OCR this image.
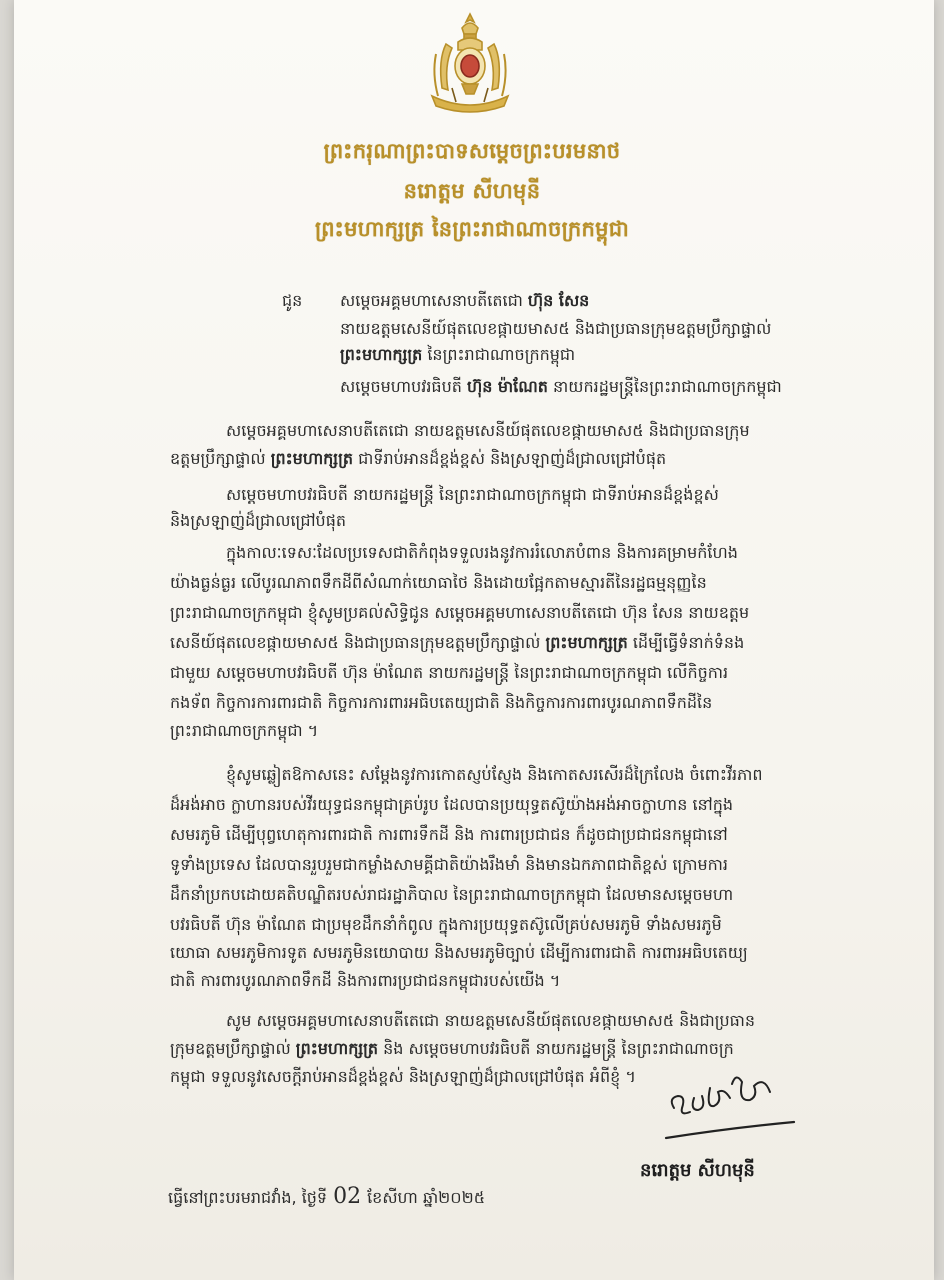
ព្រះករុណាព្រះបាទសម្ដេចព្រះបរមនាថ
នរោត្តម សីហមុនី
ព្រះមហាក្សត្រ នៃព្រះរាជាណាចក្រកម្ពុជា
ជូន សម្ដេចអគ្គមហាសេនាបតីតេជោ ហ៊ុន សែន
នាយឧត្តមសេនីយ៍ផុតលេខផ្កាយមាស៥ និងជាប្រធានក្រុមឧត្តមប្រឹក្សាផ្ទាល់
ព្រះមហាក្សត្រ នៃព្រះរាជាណាចក្រកម្ពុជា
សម្ដេចមហាបវរធិបតី ហ៊ុន ម៉ាណែត នាយករដ្ឋមន្ត្រីនៃព្រះរាជាណាចក្រកម្ពុជា
សម្ដេចអគ្គមហាសេនាបតីតេជោ នាយឧត្តមសេនីយ៍ផុតលេខផ្កាយមាស៥ និងជាប្រធានក្រុម
ឧត្តមប្រឹក្សាផ្ទាល់ ព្រះមហាក្សត្រ ជាទីរាប់អានដ៏ខ្ពង់ខ្ពស់ និងស្រឡាញ់ដ៏ជ្រាលជ្រៅបំផុត
សម្ដេចមហាបវរធិបតី នាយករដ្ឋមន្ត្រី នៃព្រះរាជាណាចក្រកម្ពុជា ជាទីរាប់អានដ៏ខ្ពង់ខ្ពស់
និងស្រឡាញ់ដ៏ជ្រាលជ្រៅបំផុត
ក្នុងកាលៈទេសៈដែលប្រទេសជាតិកំពុងទទួលរងនូវការរំលោភបំពាន និងការគម្រាមកំហែង
យ៉ាងធ្ងន់ធ្ងរ លើបូរណភាពទឹកដីពីសំណាក់យោធាថៃ និងដោយផ្អែកតាមស្មារតីនៃរដ្ឋធម្មនុញ្ញនៃ
ព្រះរាជាណាចក្រកម្ពុជា ខ្ញុំសូមប្រគល់សិទ្ធិជូន សម្ដេចអគ្គមហាសេនាបតីតេជោ ហ៊ុន សែន នាយឧត្តម
សេនីយ៍ផុតលេខផ្កាយមាស៥ និងជាប្រធានក្រុមឧត្តមប្រឹក្សាផ្ទាល់ ព្រះមហាក្សត្រ ដើម្បីធ្វើទំនាក់ទំនង
ជាមួយ សម្ដេចមហាបវរធិបតី ហ៊ុន ម៉ាណែត នាយករដ្ឋមន្ត្រី នៃព្រះរាជាណាចក្រកម្ពុជា លើកិច្ចការ
កងទ័ព កិច្ចការការពារជាតិ កិច្ចការការពារអធិបតេយ្យជាតិ និងកិច្ចការការពារបូរណភាពទឹកដីនៃ
ព្រះរាជាណាចក្រកម្ពុជា ។
ខ្ញុំសូមឆ្លៀតឱកាសនេះ សម្ដែងនូវការកោតស្ញប់ស្ញែង និងកោតសរសើរដ៏ក្រៃលែង ចំពោះវីរភាព
ដ៏អង់អាច ក្លាហានរបស់វីរយុទ្ធជនកម្ពុជាគ្រប់រូប ដែលបានប្រយុទ្ធតស៊ូយ៉ាងអង់អាចក្លាហាន នៅក្នុង
សមរភូមិ ដើម្បីបុព្វហេតុការពារជាតិ ការពារទឹកដី និង ការពារប្រជាជន ក៏ដូចជាប្រជាជនកម្ពុជានៅ
ទូទាំងប្រទេស ដែលបានរួបរួមជាកម្លាំងសាមគ្គីជាតិយ៉ាងរឹងមាំ និងមានឯកភាពជាតិខ្ពស់ ក្រោមការ
ដឹកនាំប្រកបដោយគតិបណ្ឌិតរបស់រាជរដ្ឋាភិបាល នៃព្រះរាជាណាចក្រកម្ពុជា ដែលមានសម្ដេចមហា
បវរធិបតី ហ៊ុន ម៉ាណែត ជាប្រមុខដឹកនាំកំពូល ក្នុងការប្រយុទ្ធតស៊ូលើគ្រប់សមរភូមិ ទាំងសមរភូមិ
យោធា សមរភូមិការទូត សមរភូមិនយោបាយ និងសមរភូមិច្បាប់ ដើម្បីការពារជាតិ ការពារអធិបតេយ្យ
ជាតិ ការពារបូរណភាពទឹកដី និងការពារប្រជាជនកម្ពុជារបស់យើង ។
សូម សម្ដេចអគ្គមហាសេនាបតីតេជោ នាយឧត្តមសេនីយ៍ផុតលេខផ្កាយមាស៥ និងជាប្រធាន
ក្រុមឧត្តមប្រឹក្សាផ្ទាល់ ព្រះមហាក្សត្រ និង សម្ដេចមហាបវរធិបតី នាយករដ្ឋមន្ត្រី នៃព្រះរាជាណាចក្រ
កម្ពុជា ទទួលនូវសេចក្ដីរាប់អានដ៏ខ្ពង់ខ្ពស់ និងស្រឡាញ់ដ៏ជ្រាលជ្រៅបំផុត អំពីខ្ញុំ ។
នរោត្តម សីហមុនី
ធ្វើនៅព្រះបរមរាជវាំង, ថ្ងៃទី 02 ខែសីហា ឆ្នាំ២០២៥
